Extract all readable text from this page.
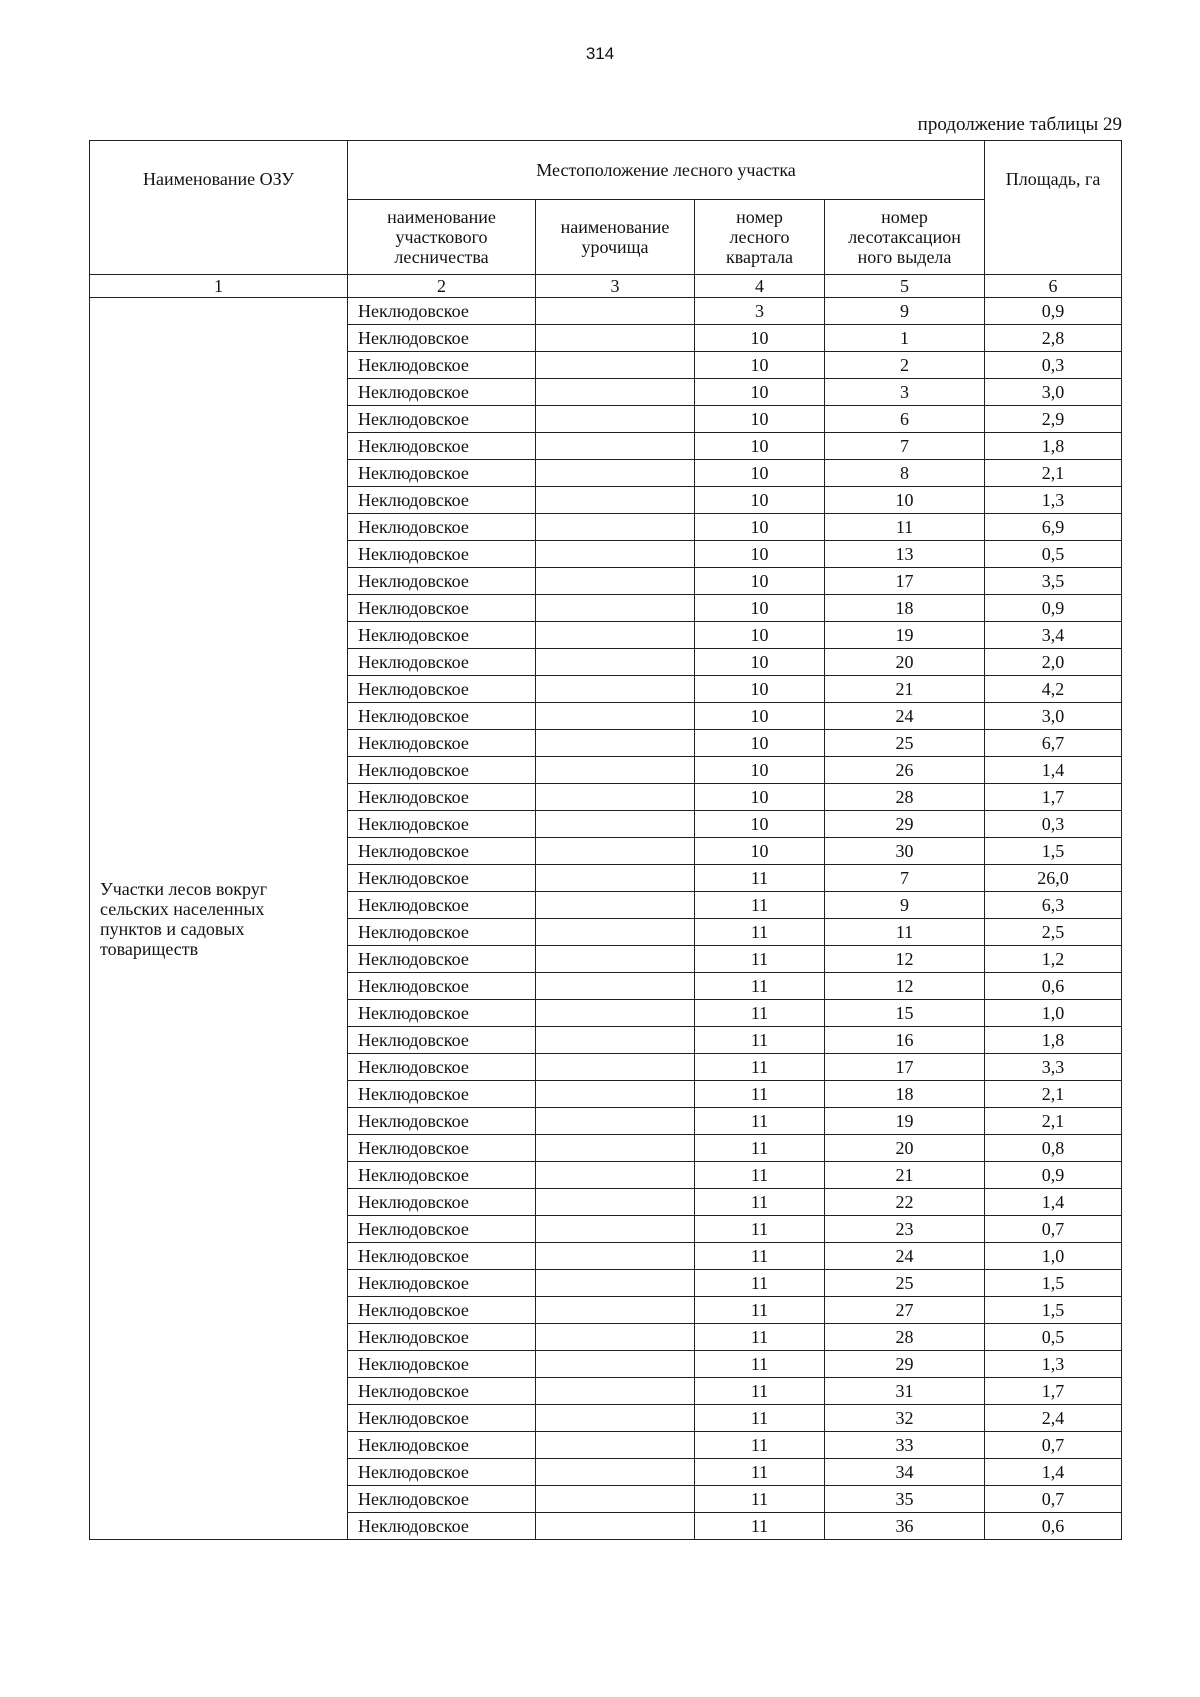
314
продолжение таблицы 29
Наименование ОЗУ	Местоположение лесного участка				Площадь, га

	наименование участкового лесничества	наименование урочища	номер лесного квартала	номер лесотаксацион ного выдела	

1	2	3	4	5	6

Участки лесов вокруг сельских населенных пунктов и садовых товариществ	Неклюдовское		3	9	0,9
	Неклюдовское		10	1	2,8
	Неклюдовское		10	2	0,3
	Неклюдовское		10	3	3,0
	Неклюдовское		10	6	2,9
	Неклюдовское		10	7	1,8
	Неклюдовское		10	8	2,1
	Неклюдовское		10	10	1,3
	Неклюдовское		10	11	6,9
	Неклюдовское		10	13	0,5
	Неклюдовское		10	17	3,5
	Неклюдовское		10	18	0,9
	Неклюдовское		10	19	3,4
	Неклюдовское		10	20	2,0
	Неклюдовское		10	21	4,2
	Неклюдовское		10	24	3,0
	Неклюдовское		10	25	6,7
	Неклюдовское		10	26	1,4
	Неклюдовское		10	28	1,7
	Неклюдовское		10	29	0,3
	Неклюдовское		10	30	1,5
	Неклюдовское		11	7	26,0
	Неклюдовское		11	9	6,3
	Неклюдовское		11	11	2,5
	Неклюдовское		11	12	1,2
	Неклюдовское		11	12	0,6
	Неклюдовское		11	15	1,0
	Неклюдовское		11	16	1,8
	Неклюдовское		11	17	3,3
	Неклюдовское		11	18	2,1
	Неклюдовское		11	19	2,1
	Неклюдовское		11	20	0,8
	Неклюдовское		11	21	0,9
	Неклюдовское		11	22	1,4
	Неклюдовское		11	23	0,7
	Неклюдовское		11	24	1,0
	Неклюдовское		11	25	1,5
	Неклюдовское		11	27	1,5
	Неклюдовское		11	28	0,5
	Неклюдовское		11	29	1,3
	Неклюдовское		11	31	1,7
	Неклюдовское		11	32	2,4
	Неклюдовское		11	33	0,7
	Неклюдовское		11	34	1,4
	Неклюдовское		11	35	0,7
	Неклюдовское		11	36	0,6
